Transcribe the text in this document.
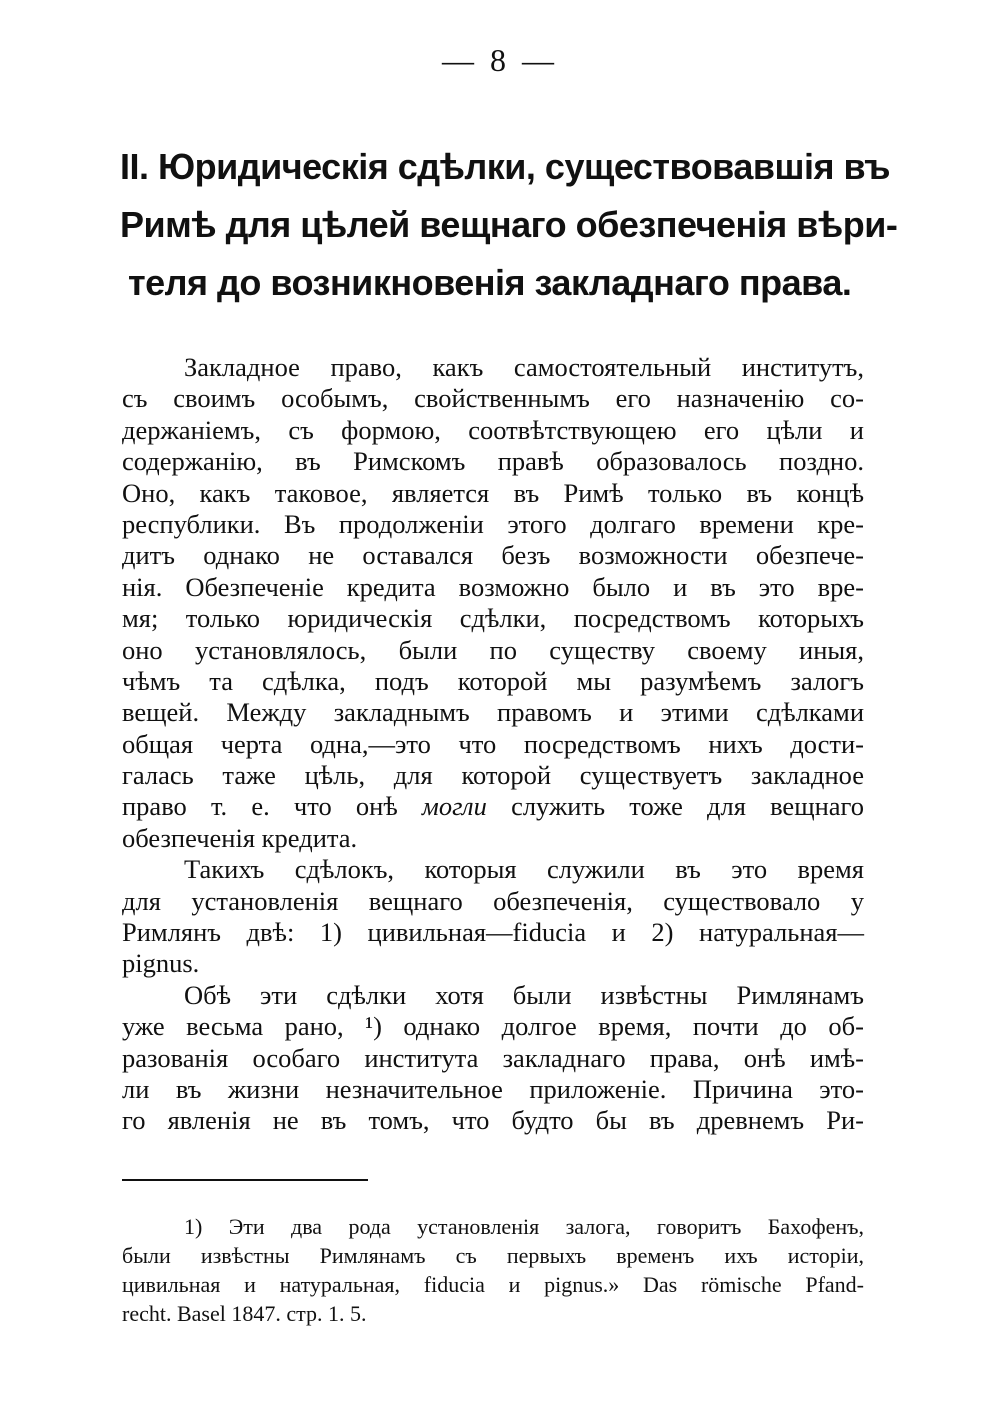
— 8 —
II. Юридическія сдѣлки, существовавшія въ
Римѣ для цѣлей вещнаго обезпеченія вѣри-
теля до возникновенія закладнаго права.
Закладное право, какъ самостоятельный институтъ,
съ своимъ особымъ, свойственнымъ его назначенію со-
держаніемъ, съ формою, соотвѣтствующею его цѣли и
содержанію, въ Римскомъ правѣ образовалось поздно.
Оно, какъ таковое, является въ Римѣ только въ концѣ
республики. Въ продолженіи этого долгаго времени кре-
дитъ однако не оставался безъ возможности обезпече-
нія. Обезпеченіе кредита возможно было и въ это вре-
мя; только юридическія сдѣлки, посредствомъ которыхъ
оно установлялось, были по существу своему иныя,
чѣмъ та сдѣлка, подъ которой мы разумѣемъ залогъ
вещей. Между закладнымъ правомъ и этими сдѣлками
общая черта одна,—это что посредствомъ нихъ дости-
галась таже цѣль, для которой существуетъ закладное
право т. е. что онѣ могли служить тоже для вещнаго
обезпеченія кредита.
Такихъ сдѣлокъ, которыя служили въ это время
для установленія вещнаго обезпеченія, существовало у
Римлянъ двѣ: 1) цивильная—fiducia и 2) натуральная—
pignus.
Обѣ эти сдѣлки хотя были извѣстны Римлянамъ
уже весьма рано, ¹) однако долгое время, почти до об-
разованія особаго института закладнаго права, онѣ имѣ-
ли въ жизни незначительное приложеніе. Причина это-
го явленія не въ томъ, что будто бы въ древнемъ Ри-
1) Эти два рода установленія залога, говоритъ Бахофенъ,
были извѣстны Римлянамъ съ первыхъ временъ ихъ исторіи,
цивильная и натуральная, fiducia и pignus.» Das römische Pfand-
recht. Basel 1847. стр. 1. 5.
